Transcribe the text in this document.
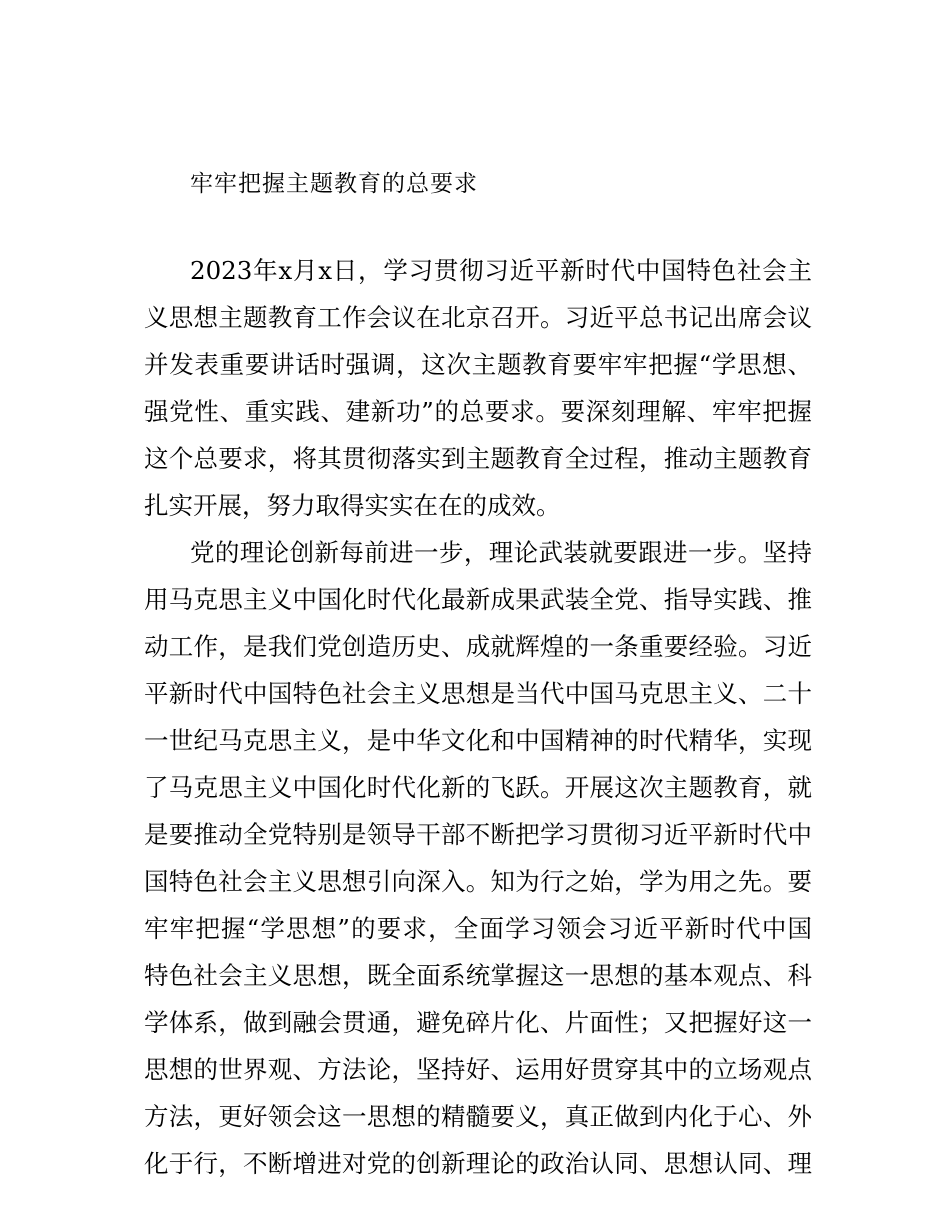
牢牢把握主题教育的总要求
2023年x月x日，学习贯彻习近平新时代中国特色社会主
义思想主题教育工作会议在北京召开。习近平总书记出席会议
并发表重要讲话时强调，这次主题教育要牢牢把握“学思想、
强党性、重实践、建新功”的总要求。要深刻理解、牢牢把握
这个总要求，将其贯彻落实到主题教育全过程，推动主题教育
扎实开展，努力取得实实在在的成效。
党的理论创新每前进一步，理论武装就要跟进一步。坚持
用马克思主义中国化时代化最新成果武装全党、指导实践、推
动工作，是我们党创造历史、成就辉煌的一条重要经验。习近
平新时代中国特色社会主义思想是当代中国马克思主义、二十
一世纪马克思主义，是中华文化和中国精神的时代精华，实现
了马克思主义中国化时代化新的飞跃。开展这次主题教育，就
是要推动全党特别是领导干部不断把学习贯彻习近平新时代中
国特色社会主义思想引向深入。知为行之始，学为用之先。要
牢牢把握“学思想”的要求，全面学习领会习近平新时代中国
特色社会主义思想，既全面系统掌握这一思想的基本观点、科
学体系，做到融会贯通，避免碎片化、片面性；又把握好这一
思想的世界观、方法论，坚持好、运用好贯穿其中的立场观点
方法，更好领会这一思想的精髓要义，真正做到内化于心、外
化于行，不断增进对党的创新理论的政治认同、思想认同、理
